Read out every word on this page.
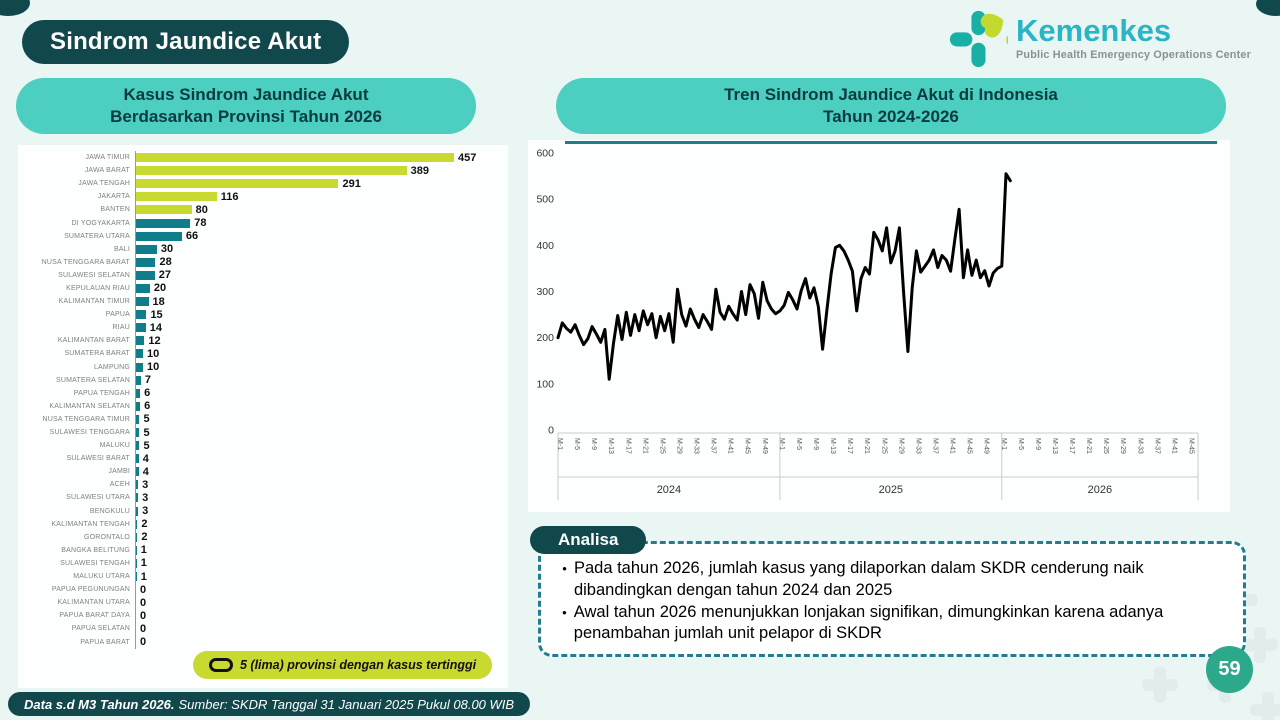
Sindrom Jaundice Akut	Kemenkes
Public Health Emergency Operations Center
Kasus Sindrom Jaundice Akut
Berdasarkan Provinsi Tahun 2026
Tren Sindrom Jaundice Akut di Indonesia
Tahun 2024-2026
JAWA TIMUR	457
JAWA BARAT	389
JAWA TENGAH	291
JAKARTA	116
BANTEN	80
DI YOGYAKARTA	78
SUMATERA UTARA	66
BALI	30
NUSA TENGGARA BARAT	28
SULAWESI SELATAN	27
KEPULAUAN RIAU	20
KALIMANTAN TIMUR	18
PAPUA	15
RIAU	14
KALIMANTAN BARAT	12
SUMATERA BARAT	10
LAMPUNG	10
SUMATERA SELATAN	7
PAPUA TENGAH	6
KALIMANTAN SELATAN	6
NUSA TENGGARA TIMUR	5
SULAWESI TENGGARA	5
MALUKU	5
SULAWESI BARAT	4
JAMBI	4
ACEH	3
SULAWESI UTARA	3
BENGKULU	3
KALIMANTAN TENGAH	2
GORONTALO	2
BANGKA BELITUNG 1
SULAWESI TENGAH 1
MALUKU UTARA 1
PAPUA PEGUNUNGAN 0
KALIMANTAN UTARA 0
PAPUA BARAT DAYA 0
PAPUA SELATAN 0
PAPUA BARAT 0
5 (lima) provinsi dengan kasus tertinggi
0
100
200
300
400
500
600
2024
M-1 M-5 M-9 M-13 M-17 M-21 M-25 M-29 M-33 M-37 M-41 M-45 M-49
2025
M-1 M-5 M-9 M-13 M-17 M-21 M-25 M-29 M-33 M-37 M-41 M-45 M-49
2026
M-1 M-5 M-9 M-13 M-17 M-21 M-25 M-29 M-33 M-37 M-41 M-45
Analisa
• Pada tahun 2026, jumlah kasus yang dilaporkan dalam SKDR cenderung naik dibandingkan dengan tahun 2024 dan 2025
• Awal tahun 2026 menunjukkan lonjakan signifikan, dimungkinkan karena adanya penambahan jumlah unit pelapor di SKDR
59
Data s.d M3 Tahun 2026. Sumber: SKDR Tanggal 31 Januari 2025 Pukul 08.00 WIB
